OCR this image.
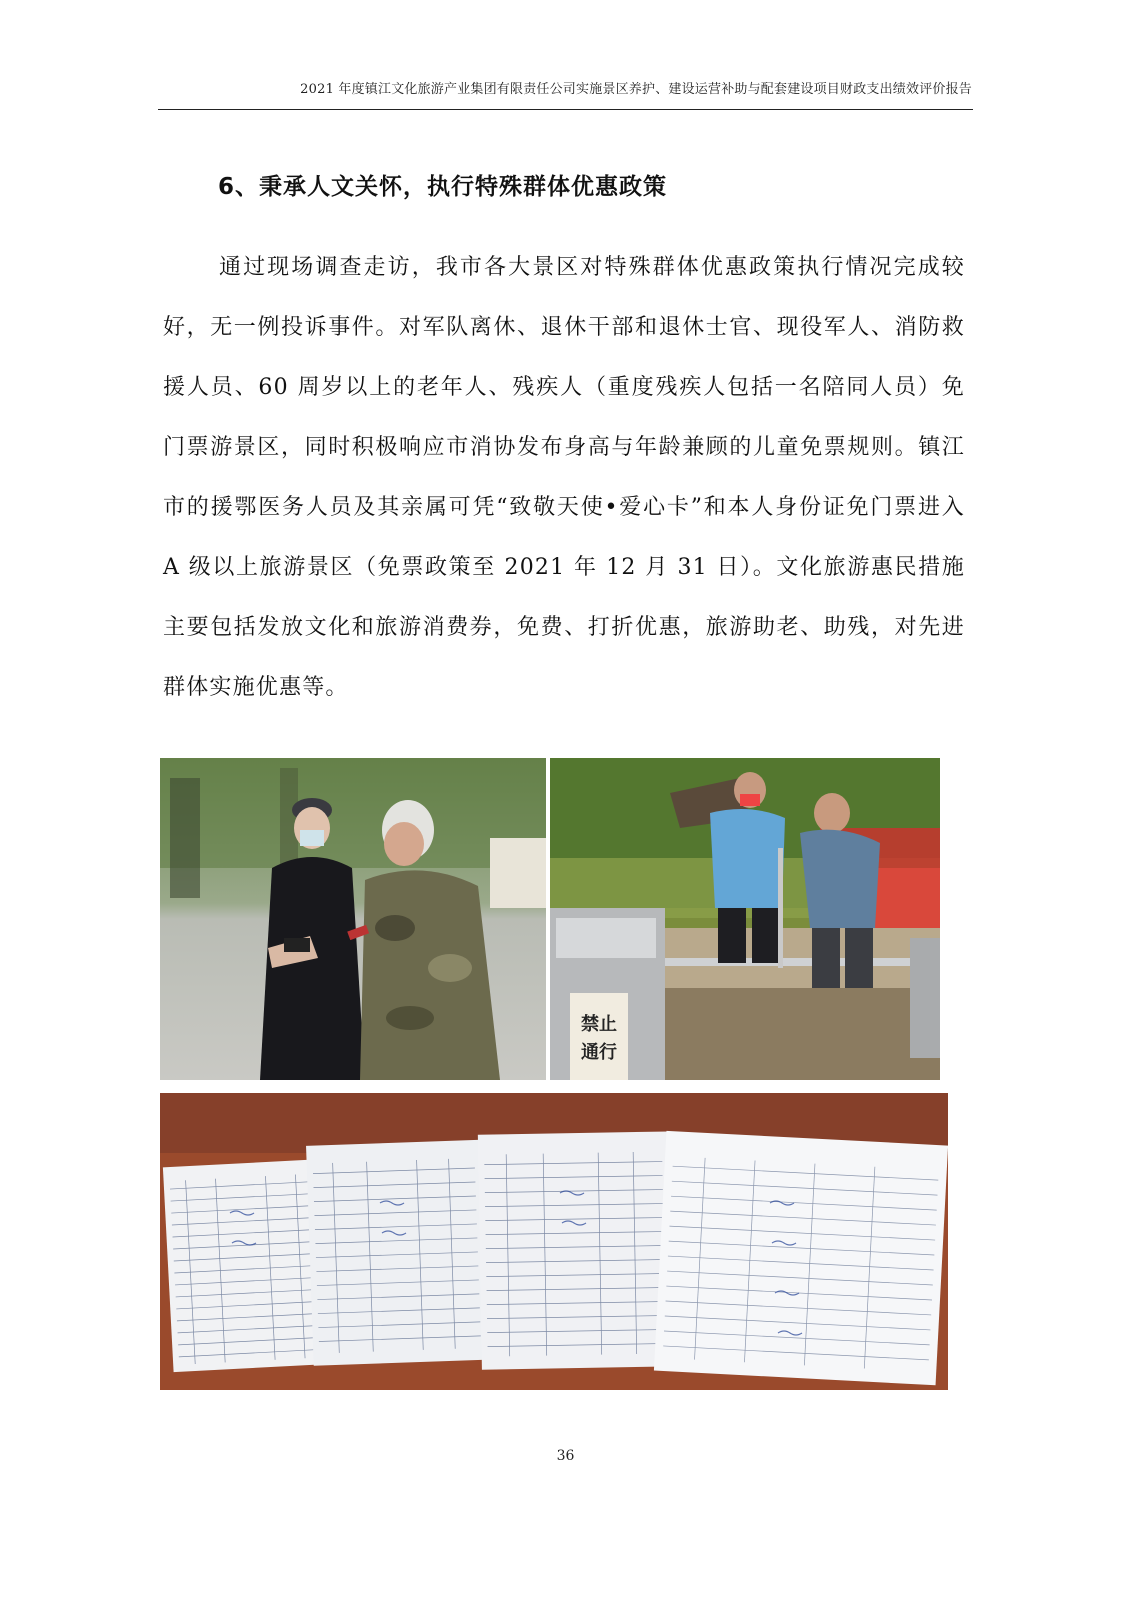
2021 年度镇江文化旅游产业集团有限责任公司实施景区养护、建设运营补助与配套建设项目财政支出绩效评价报告
6、秉承人文关怀，执行特殊群体优惠政策
通过现场调查走访，我市各大景区对特殊群体优惠政策执行情况完成较好，无一例投诉事件。对军队离休、退休干部和退休士官、现役军人、消防救援人员、60 周岁以上的老年人、残疾人（重度残疾人包括一名陪同人员）免门票游景区，同时积极响应市消协发布身高与年龄兼顾的儿童免票规则。镇江市的援鄂医务人员及其亲属可凭“致敬天使•爱心卡”和本人身份证免门票进入 A 级以上旅游景区（免票政策至 2021 年 12 月 31 日）。文化旅游惠民措施主要包括发放文化和旅游消费券，免费、打折优惠，旅游助老、助残，对先进群体实施优惠等。
禁止
通行
36
